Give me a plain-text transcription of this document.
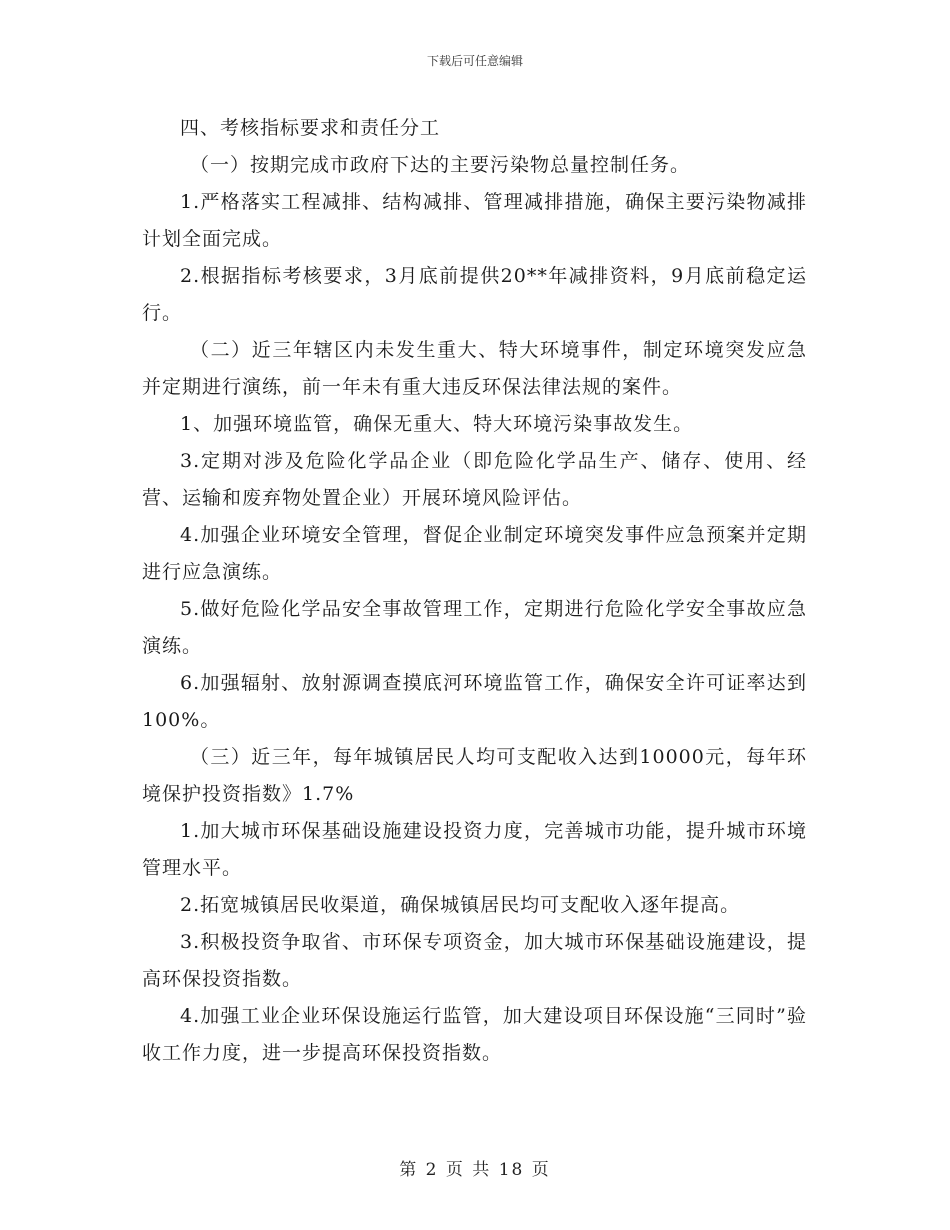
下载后可任意编辑

四、考核指标要求和责任分工

（一）按期完成市政府下达的主要污染物总量控制任务。

1.严格落实工程减排、结构减排、管理减排措施，确保主要污染物减排计划全面完成。

2.根据指标考核要求，3月底前提供20**年减排资料，9月底前稳定运行。

（二）近三年辖区内未发生重大、特大环境事件，制定环境突发应急并定期进行演练，前一年未有重大违反环保法律法规的案件。

1、加强环境监管，确保无重大、特大环境污染事故发生。

3.定期对涉及危险化学品企业（即危险化学品生产、储存、使用、经营、运输和废弃物处置企业）开展环境风险评估。

4.加强企业环境安全管理，督促企业制定环境突发事件应急预案并定期进行应急演练。

5.做好危险化学品安全事故管理工作，定期进行危险化学安全事故应急演练。

6.加强辐射、放射源调查摸底河环境监管工作，确保安全许可证率达到100%。

（三）近三年，每年城镇居民人均可支配收入达到10000元，每年环境保护投资指数》1.7%

1.加大城市环保基础设施建设投资力度，完善城市功能，提升城市环境管理水平。

2.拓宽城镇居民收渠道，确保城镇居民均可支配收入逐年提高。

3.积极投资争取省、市环保专项资金，加大城市环保基础设施建设，提高环保投资指数。

4.加强工业企业环保设施运行监管，加大建设项目环保设施“三同时”验收工作力度，进一步提高环保投资指数。

第 2 页 共 18 页
